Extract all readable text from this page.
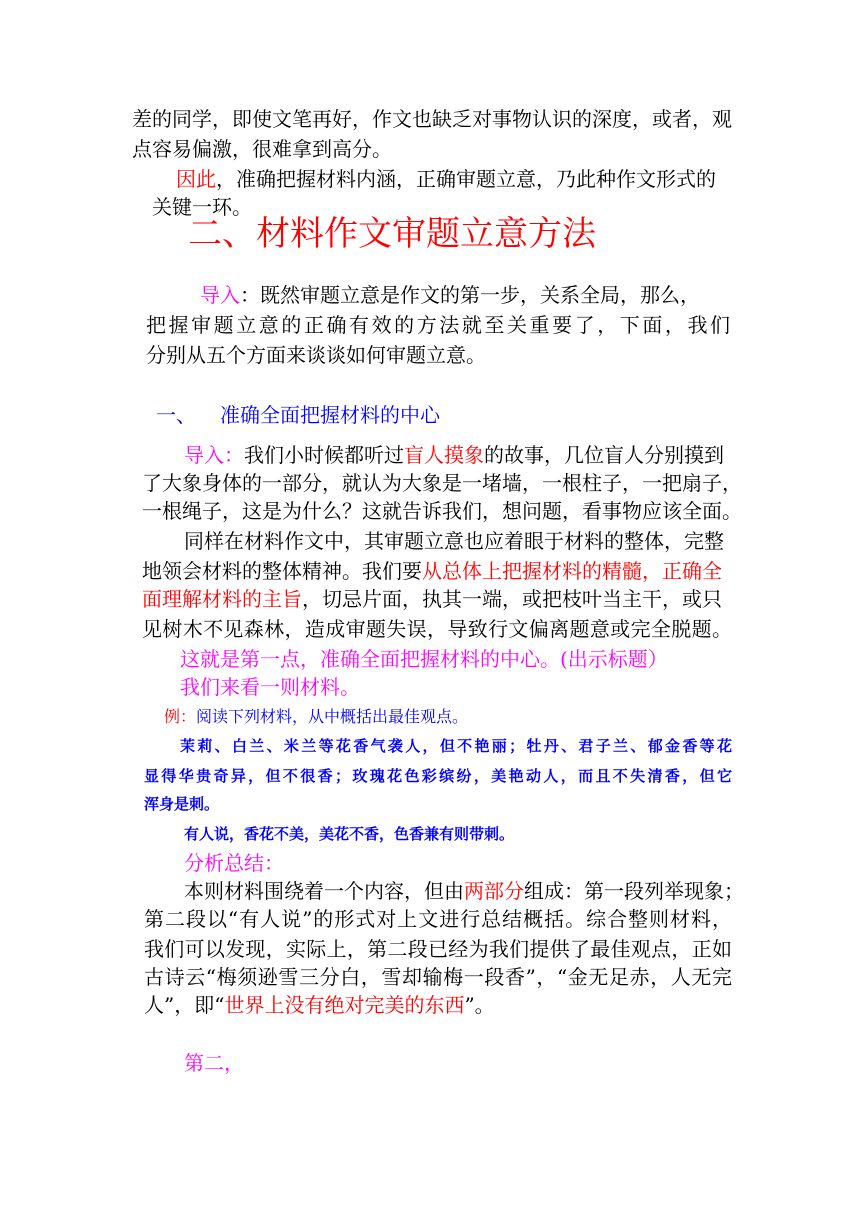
差的同学，即使文笔再好，作文也缺乏对事物认识的深度，或者，观
点容易偏激，很难拿到高分。
因此，准确把握材料内涵，正确审题立意，乃此种作文形式的
关键一环。
二、材料作文审题立意方法
导入：既然审题立意是作文的第一步，关系全局，那么，
把握审题立意的正确有效的方法就至关重要了，下面，我们
分别从五个方面来谈谈如何审题立意。
一、 准确全面把握材料的中心
导入：我们小时候都听过盲人摸象的故事，几位盲人分别摸到
了大象身体的一部分，就认为大象是一堵墙，一根柱子，一把扇子，
一根绳子，这是为什么？这就告诉我们，想问题，看事物应该全面。
同样在材料作文中，其审题立意也应着眼于材料的整体，完整
地领会材料的整体精神。我们要从总体上把握材料的精髓，正确全
面理解材料的主旨，切忌片面，执其一端，或把枝叶当主干，或只
见树木不见森林，造成审题失误，导致行文偏离题意或完全脱题。
这就是第一点，准确全面把握材料的中心。(出示标题）
我们来看一则材料。
例：阅读下列材料，从中概括出最佳观点。
茉莉、白兰、米兰等花香气袭人，但不艳丽；牡丹、君子兰、郁金香等花
显得华贵奇异，但不很香；玫瑰花色彩缤纷，美艳动人，而且不失清香，但它
浑身是刺。
有人说，香花不美，美花不香，色香兼有则带刺。
分析总结：
本则材料围绕着一个内容，但由两部分组成：第一段列举现象；
第二段以“有人说”的形式对上文进行总结概括。综合整则材料，
我们可以发现，实际上，第二段已经为我们提供了最佳观点，正如
古诗云“梅须逊雪三分白，雪却输梅一段香”，“金无足赤，人无完
人”，即“世界上没有绝对完美的东西”。
第二，
